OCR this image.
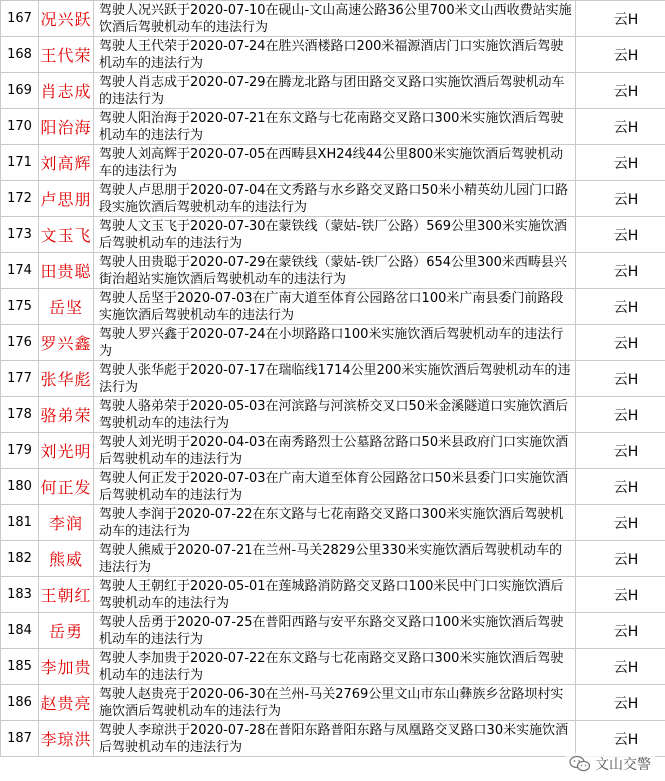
167	况兴跃	驾驶人况兴跃于2020-07-10在砚山-文山高速公路36公里700米文山西收费站实施饮酒后驾驶机动车的违法行为	云H
168	王代荣	驾驶人王代荣于2020-07-24在胜兴酒楼路口200米福源酒店门口实施饮酒后驾驶机动车的违法行为	云H
169	肖志成	驾驶人肖志成于2020-07-29在腾龙北路与团田路交叉路口实施饮酒后驾驶机动车的违法行为	云H
170	阳治海	驾驶人阳治海于2020-07-21在东文路与七花南路交叉路口300米实施饮酒后驾驶机动车的违法行为	云H
171	刘高辉	驾驶人刘高辉于2020-07-05在西畴县XH24线44公里800米实施饮酒后驾驶机动车的违法行为	云H
172	卢思朋	驾驶人卢思朋于2020-07-04在文秀路与水乡路交叉路口50米小精英幼儿园门口路段实施饮酒后驾驶机动车的违法行为	云H
173	文玉飞	驾驶人文玉飞于2020-07-30在蒙铁线（蒙姑-铁厂公路）569公里300米实施饮酒后驾驶机动车的违法行为	云H
174	田贵聪	驾驶人田贵聪于2020-07-29在蒙铁线（蒙姑-铁厂公路）654公里300米西畴县兴街治超站实施饮酒后驾驶机动车的违法行为	云H
175	岳坚	驾驶人岳坚于2020-07-03在广南大道至体育公园路岔口100米广南县委门前路段实施饮酒后驾驶机动车的违法行为	云H
176	罗兴鑫	驾驶人罗兴鑫于2020-07-24在小坝路路口100米实施饮酒后驾驶机动车的违法行为	云H
177	张华彪	驾驶人张华彪于2020-07-17在瑞临线1714公里200米实施饮酒后驾驶机动车的违法行为	云H
178	骆弟荣	驾驶人骆弟荣于2020-05-03在河滨路与河滨桥交叉口50米金溪隧道口实施饮酒后驾驶机动车的违法行为	云H
179	刘光明	驾驶人刘光明于2020-04-03在南秀路烈士公墓路岔路口50米县政府门口实施饮酒后驾驶机动车的违法行为	云H
180	何正发	驾驶人何正发于2020-07-03在广南大道至体育公园路岔口50米县委门口实施饮酒后驾驶机动车的违法行为	云H
181	李润	驾驶人李润于2020-07-22在东文路与七花南路交叉路口300米实施饮酒后驾驶机动车的违法行为	云H
182	熊威	驾驶人熊威于2020-07-21在兰州-马关2829公里330米实施饮酒后驾驶机动车的违法行为	云H
183	王朝红	驾驶人王朝红于2020-05-01在莲城路消防路交叉路口100米民中门口实施饮酒后驾驶机动车的违法行为	云H
184	岳勇	驾驶人岳勇于2020-07-25在普阳西路与安平东路交叉路口100米实施饮酒后驾驶机动车的违法行为	云H
185	李加贵	驾驶人李加贵于2020-07-22在东文路与七花南路交叉路口300米实施饮酒后驾驶机动车的违法行为	云H
186	赵贵亮	驾驶人赵贵亮于2020-06-30在兰州-马关2769公里文山市东山彝族乡岔路坝村实施饮酒后驾驶机动车的违法行为	云H
187	李琼洪	驾驶人李琼洪于2020-07-28在普阳东路普阳东路与凤凰路交叉路口30米实施饮酒后驾驶机动车的违法行为	云H
文山交警
